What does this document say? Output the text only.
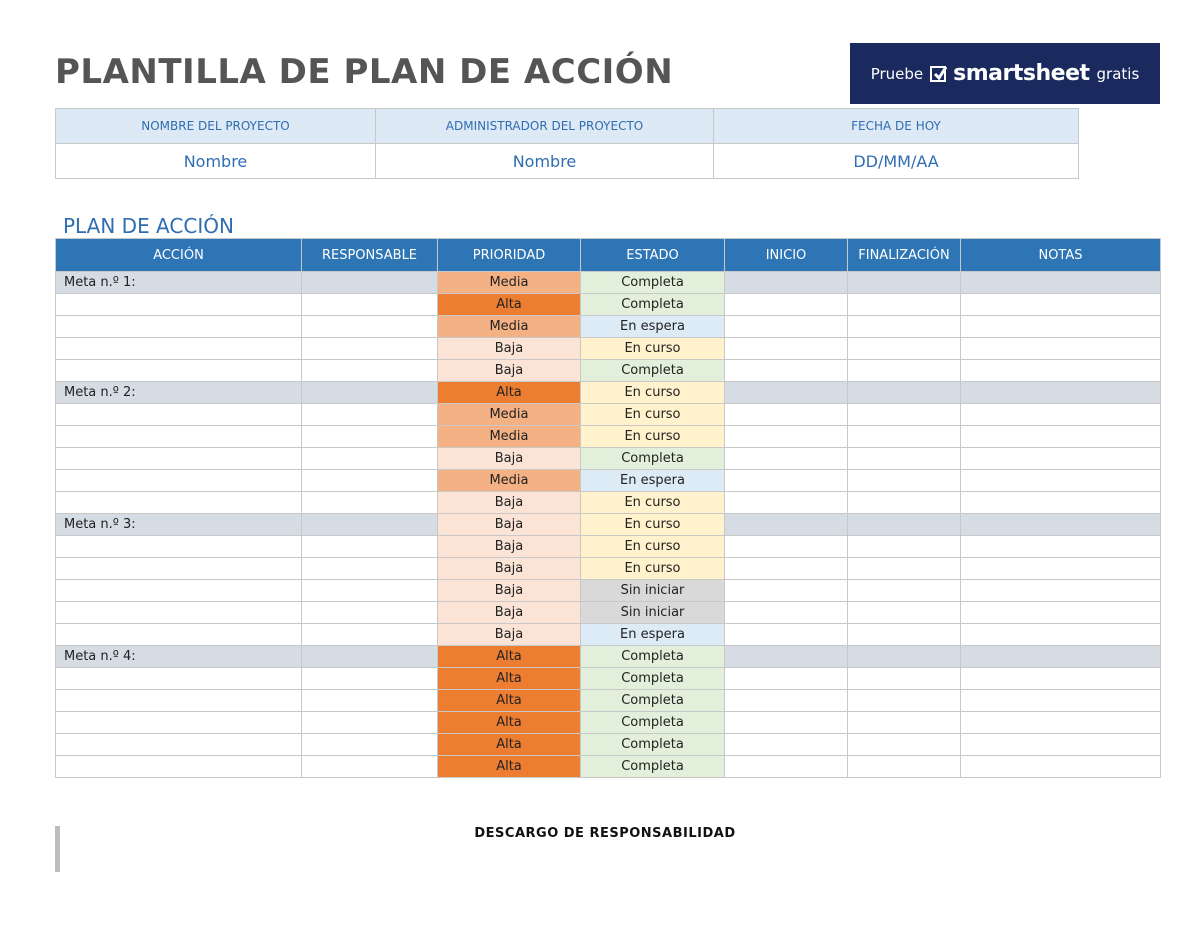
PLANTILLA DE PLAN DE ACCIÓN	Pruebe smartsheet gratis
NOMBRE DEL PROYECTO	ADMINISTRADOR DEL PROYECTO	FECHA DE HOY
Nombre	Nombre	DD/MM/AA
PLAN DE ACCIÓN
ACCIÓN	RESPONSABLE	PRIORIDAD	ESTADO	INICIO	FINALIZACIÓN	NOTAS
Meta n.º 1:		Media	Completa			
		Alta	Completa			
		Media	En espera			
		Baja	En curso			
		Baja	Completa			
Meta n.º 2:		Alta	En curso			
		Media	En curso			
		Media	En curso			
		Baja	Completa			
		Media	En espera			
		Baja	En curso			
Meta n.º 3:		Baja	En curso			
		Baja	En curso			
		Baja	En curso			
		Baja	Sin iniciar			
		Baja	Sin iniciar			
		Baja	En espera			
Meta n.º 4:		Alta	Completa			
		Alta	Completa			
		Alta	Completa			
		Alta	Completa			
		Alta	Completa			
		Alta	Completa			
DESCARGO DE RESPONSABILIDAD
